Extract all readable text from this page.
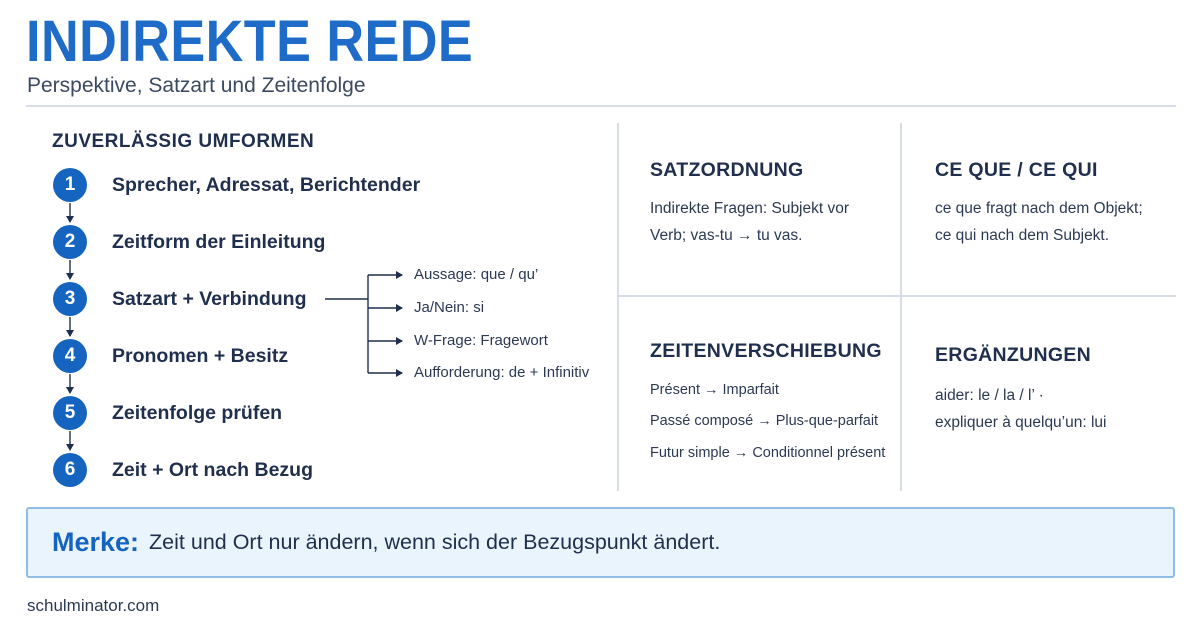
INDIREKTE REDE
Perspektive, Satzart und Zeitenfolge
ZUVERLÄSSIG UMFORMEN
1	Sprecher, Adressat, Berichtender
2	Zeitform der Einleitung
3	Satzart + Verbindung
4	Pronomen + Besitz
5	Zeitenfolge prüfen
6	Zeit + Ort nach Bezug
Aussage: que / qu’
Ja/Nein: si
W-Frage: Fragewort
Aufforderung: de + Infinitiv
SATZORDNUNG
Indirekte Fragen: Subjekt vor
Verb; vas-tu → tu vas.
CE QUE / CE QUI
ce que fragt nach dem Objekt;
ce qui nach dem Subjekt.
ZEITENVERSCHIEBUNG
Présent → Imparfait
Passé composé → Plus-que-parfait
Futur simple → Conditionnel présent
ERGÄNZUNGEN
aider: le / la / l’ ·
expliquer à quelqu’un: lui
Merke: Zeit und Ort nur ändern, wenn sich der Bezugspunkt ändert.
schulminator.com
